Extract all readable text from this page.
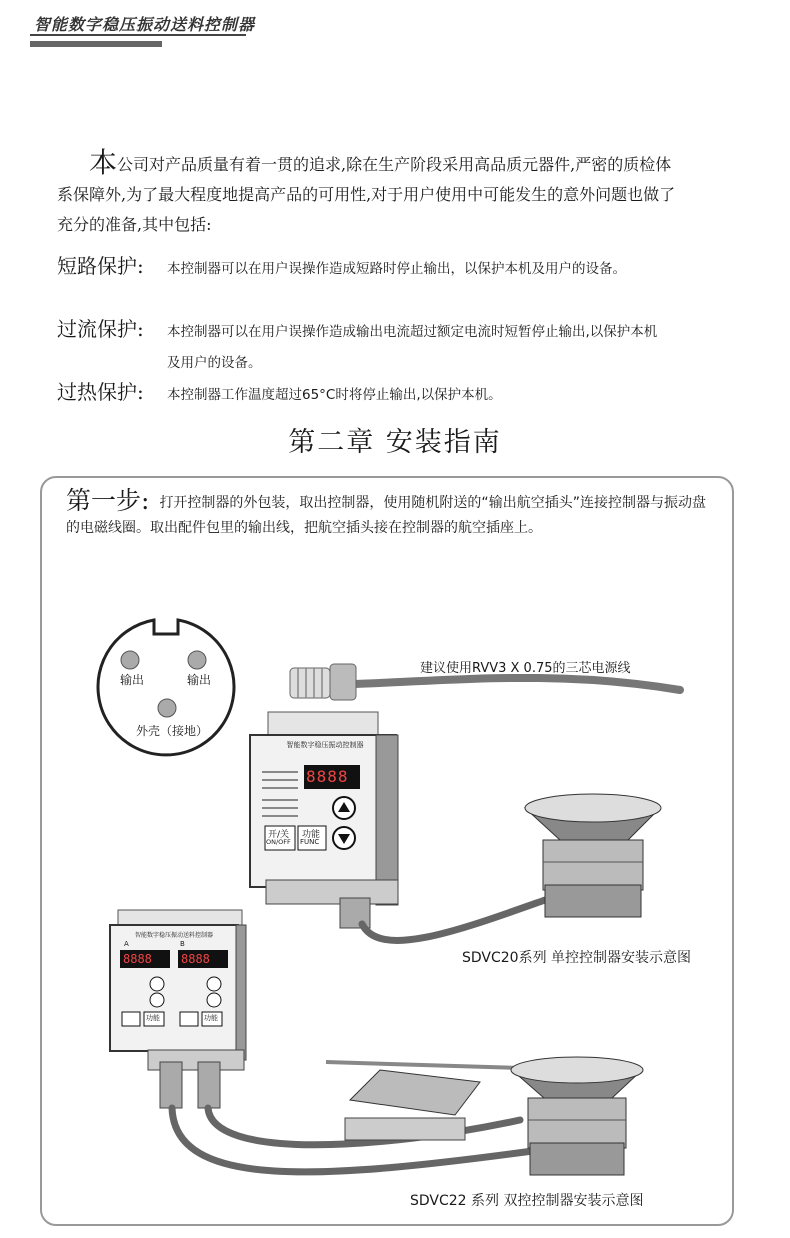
智能数字稳压振动送料控制器
本公司对产品质量有着一贯的追求,除在生产阶段采用高品质元器件,严密的质检体系保障外,为了最大程度地提高产品的可用性,对于用户使用中可能发生的意外问题也做了充分的准备,其中包括:
短路保护: 本控制器可以在用户误操作造成短路时停止输出，以保护本机及用户的设备。
过流保护: 本控制器可以在用户误操作造成输出电流超过额定电流时短暂停止输出,以保护本机及用户的设备。
过热保护: 本控制器工作温度超过65°C时将停止输出,以保护本机。
第二章 安装指南
第一步: 打开控制器的外包装，取出控制器，使用随机附送的“输出航空插头”连接控制器与振动盘的电磁线圈。取出配件包里的输出线，把航空插头接在控制器的航空插座上。
输出	输出
外壳（接地）
建议使用RVV3 X 0.75的三芯电源线
智能数字稳压振动控制器
8888
开/关
ON/OFF
功能
FUNC
智能数字稳压振动送料控制器
A	B
8888 8888
功能	功能
SDVC20系列 单控控制器安装示意图
SDVC22 系列 双控控制器安装示意图
